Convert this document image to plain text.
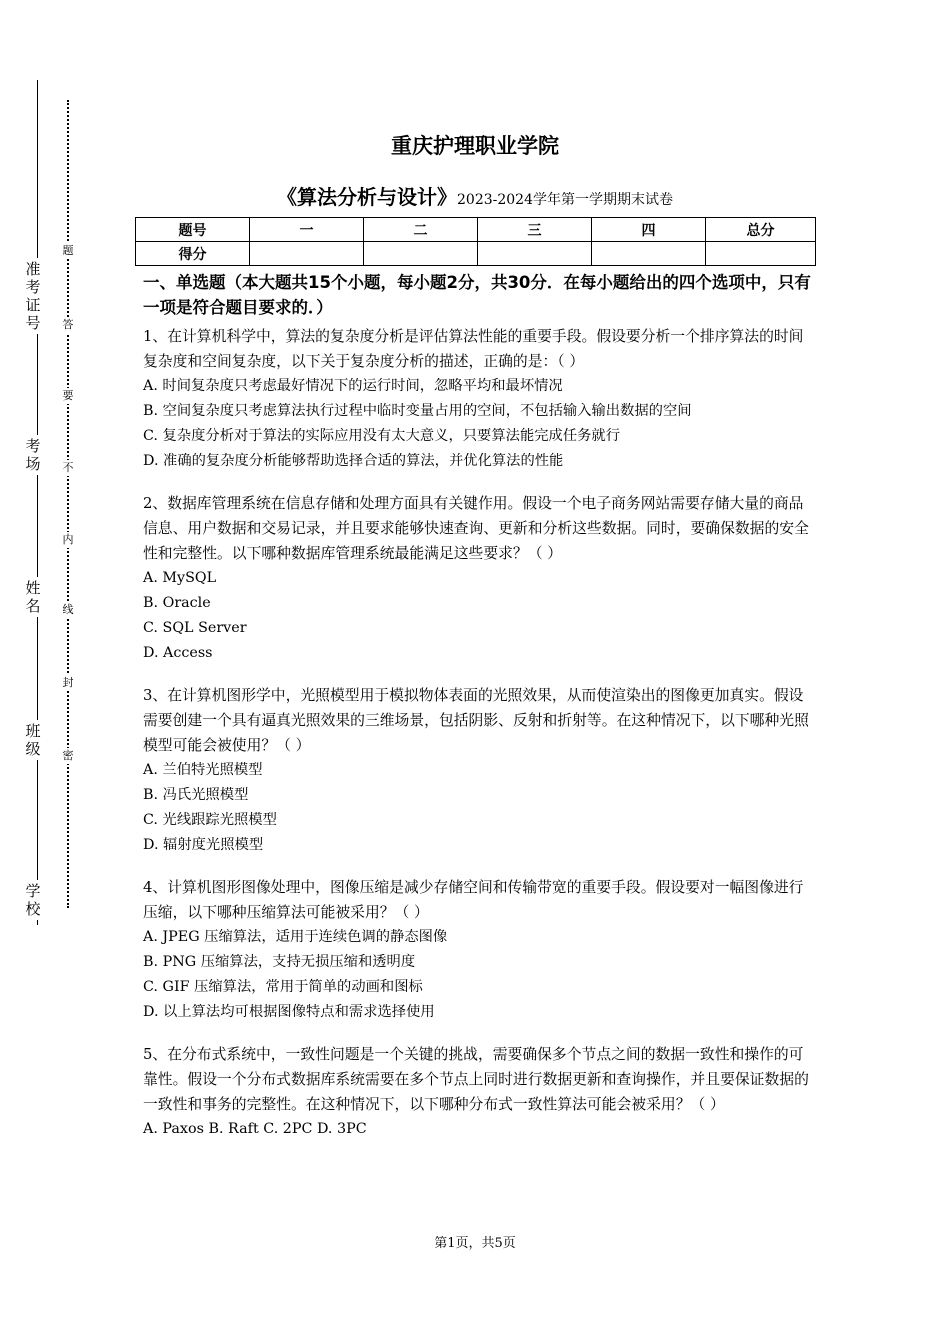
准考证号
考场
姓名
班级
学校
题
答
要
不
内
线
封
密
重庆护理职业学院
《算法分析与设计》2023-2024学年第一学期期末试卷
题号	一	二	三	四	总分
得分					
一、单选题（本大题共15个小题，每小题2分，共30分．在每小题给出的四个选项中，只有一项是符合题目要求的．）
1、在计算机科学中，算法的复杂度分析是评估算法性能的重要手段。假设要分析一个排序算法的时间复杂度和空间复杂度，以下关于复杂度分析的描述，正确的是：（ ）
A. 时间复杂度只考虑最好情况下的运行时间，忽略平均和最坏情况
B. 空间复杂度只考虑算法执行过程中临时变量占用的空间，不包括输入输出数据的空间
C. 复杂度分析对于算法的实际应用没有太大意义，只要算法能完成任务就行
D. 准确的复杂度分析能够帮助选择合适的算法，并优化算法的性能
2、数据库管理系统在信息存储和处理方面具有关键作用。假设一个电子商务网站需要存储大量的商品信息、用户数据和交易记录，并且要求能够快速查询、更新和分析这些数据。同时，要确保数据的安全性和完整性。以下哪种数据库管理系统最能满足这些要求？（ ）
A. MySQL
B. Oracle
C. SQL Server
D. Access
3、在计算机图形学中，光照模型用于模拟物体表面的光照效果，从而使渲染出的图像更加真实。假设需要创建一个具有逼真光照效果的三维场景，包括阴影、反射和折射等。在这种情况下，以下哪种光照模型可能会被使用？（ ）
A. 兰伯特光照模型
B. 冯氏光照模型
C. 光线跟踪光照模型
D. 辐射度光照模型
4、计算机图形图像处理中，图像压缩是减少存储空间和传输带宽的重要手段。假设要对一幅图像进行压缩，以下哪种压缩算法可能被采用？（ ）
A. JPEG 压缩算法，适用于连续色调的静态图像
B. PNG 压缩算法，支持无损压缩和透明度
C. GIF 压缩算法，常用于简单的动画和图标
D. 以上算法均可根据图像特点和需求选择使用
5、在分布式系统中，一致性问题是一个关键的挑战，需要确保多个节点之间的数据一致性和操作的可靠性。假设一个分布式数据库系统需要在多个节点上同时进行数据更新和查询操作，并且要保证数据的一致性和事务的完整性。在这种情况下，以下哪种分布式一致性算法可能会被采用？（ ）
A. Paxos B. Raft C. 2PC D. 3PC
第1页，共5页
